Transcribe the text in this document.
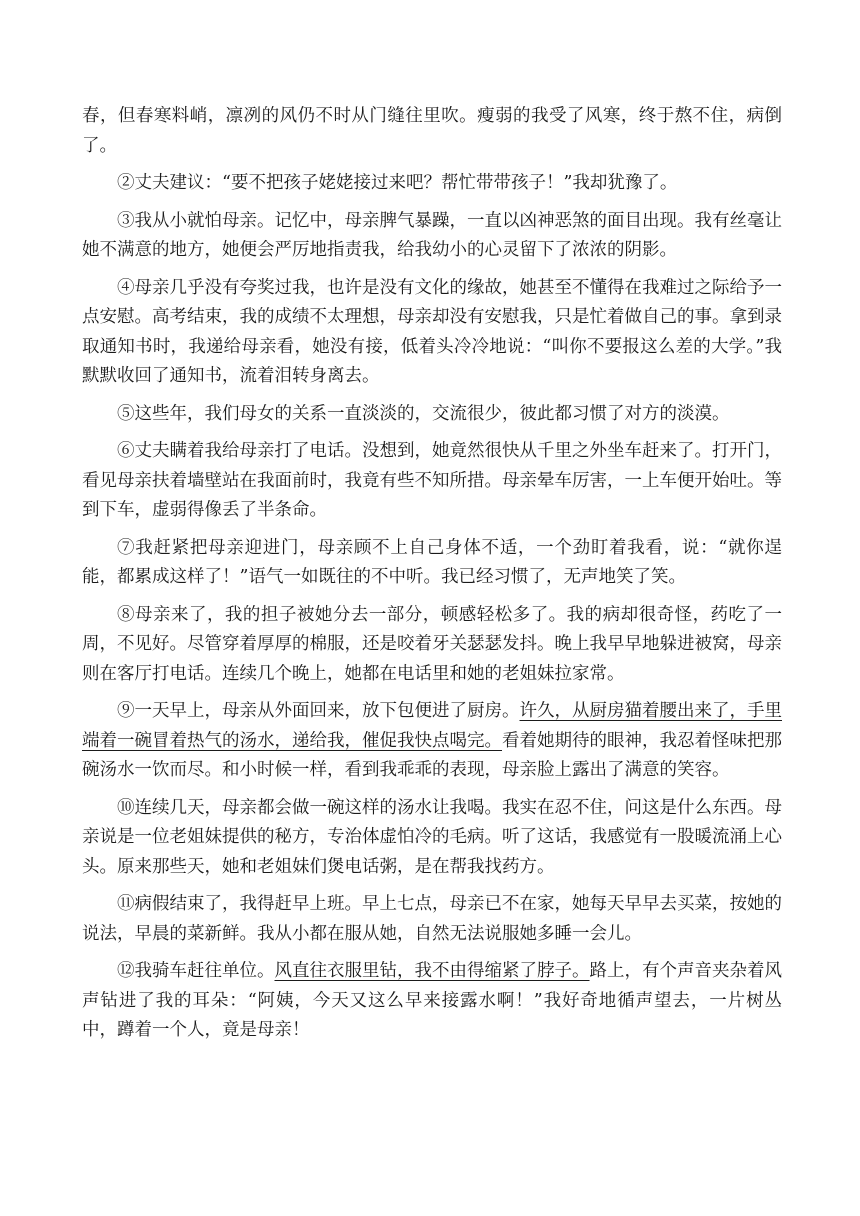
春，但春寒料峭，凛冽的风仍不时从门缝往里吹。瘦弱的我受了风寒，终于熬不住，病倒了。

②丈夫建议：“要不把孩子姥姥接过来吧？帮忙带带孩子！”我却犹豫了。

③我从小就怕母亲。记忆中，母亲脾气暴躁，一直以凶神恶煞的面目出现。我有丝毫让她不满意的地方，她便会严厉地指责我，给我幼小的心灵留下了浓浓的阴影。

④母亲几乎没有夸奖过我，也许是没有文化的缘故，她甚至不懂得在我难过之际给予一点安慰。高考结束，我的成绩不太理想，母亲却没有安慰我，只是忙着做自己的事。拿到录取通知书时，我递给母亲看，她没有接，低着头冷冷地说：“叫你不要报这么差的大学。”我默默收回了通知书，流着泪转身离去。

⑤这些年，我们母女的关系一直淡淡的，交流很少，彼此都习惯了对方的淡漠。

⑥丈夫瞒着我给母亲打了电话。没想到，她竟然很快从千里之外坐车赶来了。打开门，看见母亲扶着墙壁站在我面前时，我竟有些不知所措。母亲晕车厉害，一上车便开始吐。等到下车，虚弱得像丢了半条命。

⑦我赶紧把母亲迎进门，母亲顾不上自己身体不适，一个劲盯着我看，说：“就你逞能，都累成这样了！”语气一如既往的不中听。我已经习惯了，无声地笑了笑。

⑧母亲来了，我的担子被她分去一部分，顿感轻松多了。我的病却很奇怪，药吃了一周，不见好。尽管穿着厚厚的棉服，还是咬着牙关瑟瑟发抖。晚上我早早地躲进被窝，母亲则在客厅打电话。连续几个晚上，她都在电话里和她的老姐妹拉家常。

⑨一天早上，母亲从外面回来，放下包便进了厨房。许久，从厨房猫着腰出来了，手里端着一碗冒着热气的汤水，递给我，催促我快点喝完。看着她期待的眼神，我忍着怪味把那碗汤水一饮而尽。和小时候一样，看到我乖乖的表现，母亲脸上露出了满意的笑容。

⑩连续几天，母亲都会做一碗这样的汤水让我喝。我实在忍不住，问这是什么东西。母亲说是一位老姐妹提供的秘方，专治体虚怕冷的毛病。听了这话，我感觉有一股暖流涌上心头。原来那些天，她和老姐妹们煲电话粥，是在帮我找药方。

⑪病假结束了，我得赶早上班。早上七点，母亲已不在家，她每天早早去买菜，按她的说法，早晨的菜新鲜。我从小都在服从她，自然无法说服她多睡一会儿。

⑫我骑车赶往单位。风直往衣服里钻，我不由得缩紧了脖子。路上，有个声音夹杂着风声钻进了我的耳朵：“阿姨，今天又这么早来接露水啊！”我好奇地循声望去，一片树丛中，蹲着一个人，竟是母亲！
